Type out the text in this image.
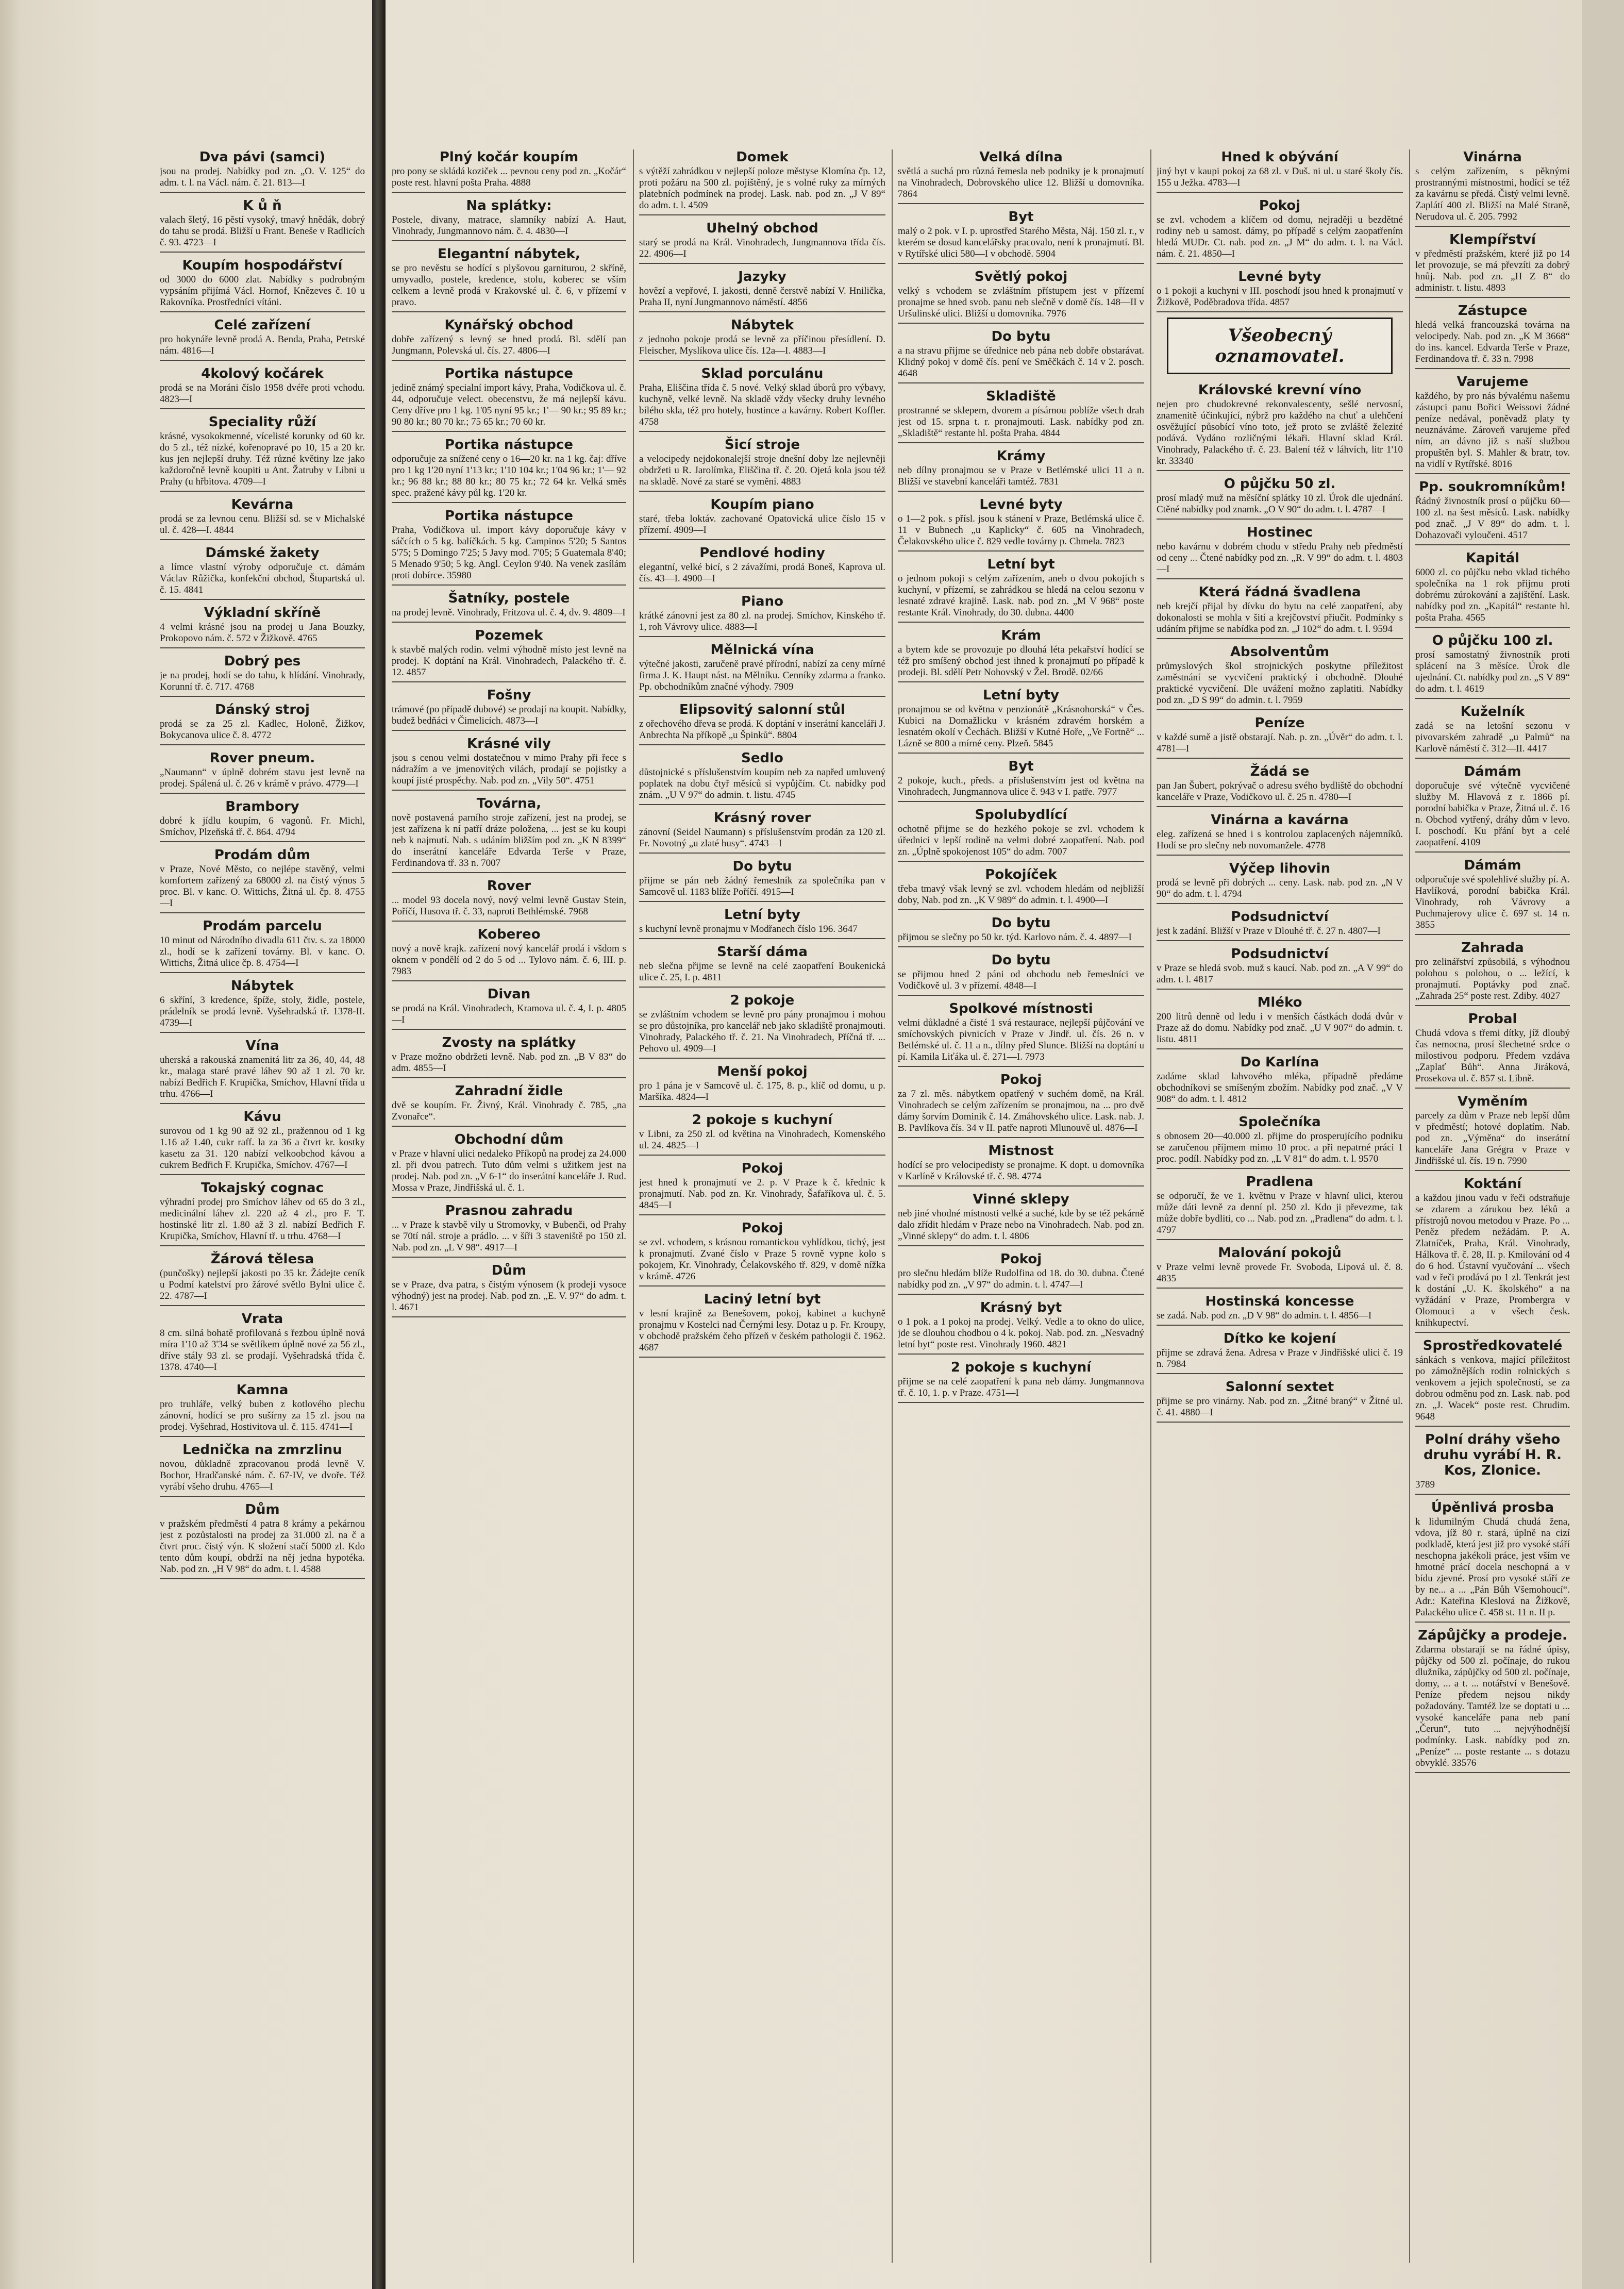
Dva pávi (samci)

jsou na prodej. Nabídky pod zn. „O. V. 125“ do adm. t. l. na Václ. nám. č. 21. 813—I

K ů ň

valach šletý, 16 pěstí vysoký, tmavý hnědák, dobrý do tahu se prodá. Bližší u Frant. Beneše v Radlicích č. 93. 4723—I

Koupím hospodářství

od 3000 do 6000 zlat. Nabídky s podrobným vypsáním přijímá Václ. Hornof, Knězeves č. 10 u Rakovníka. Prostředníci vítáni.

Celé zařízení

pro hokynáře levně prodá A. Benda, Praha, Petrské nám. 4816—I

4kolový kočárek

prodá se na Moráni číslo 1958 dvéře proti vchodu. 4823—I

Speciality růží

krásné, vysokokmenné, vícelisté korunky od 60 kr. do 5 zl., též nízké, kořenopravé po 10, 15 a 20 kr. kus jen nejlepší druhy. Též různé květiny lze jako každoročně levně koupiti u Ant. Žatruby v Libni u Prahy (u hřbitova. 4709—I

Kevárna

prodá se za levnou cenu. Bližší sd. se v Michalské ul. č. 428—I. 4844

Dámské žakety

a límce vlastní výroby odporučuje ct. dámám Václav Růžička, konfekční obchod, Štupartská ul. č. 15. 4841

Výkladní skříně

4 velmi krásné jsou na prodej u Jana Bouzky, Prokopovo nám. č. 572 v Žižkově. 4765

Dobrý pes

je na prodej, hodí se do tahu, k hlídání. Vinohrady, Korunní tř. č. 717. 4768

Dánský stroj

prodá se za 25 zl. Kadlec, Holoně, Žižkov, Bokycanova ulice č. 8. 4772

Rover pneum.

„Naumann“ v úplně dobrém stavu jest levně na prodej. Spálená ul. č. 26 v krámě v právo. 4779—I

Brambory

dobré k jídlu koupím, 6 vagonů. Fr. Michl, Smíchov, Plzeňská tř. č. 864. 4794

Prodám dům

v Praze, Nové Město, co nejlépe stavěný, velmi komfortem zařízený za 68000 zl. na čistý výnos 5 proc. Bl. v kanc. O. Wittichs, Žitná ul. čp. 8. 4755—I

Prodám parcelu

10 minut od Národního divadla 611 čtv. s. za 18000 zl., hodí se k zařízení továrny. Bl. v kanc. O. Wittichs, Žitná ulice čp. 8. 4754—I

Nábytek

6 skříní, 3 kredence, špíže, stoly, židle, postele, prádelník se prodá levně. Vyšehradská tř. 1378-II. 4739—I

Vína

uherská a rakouská znamenitá litr za 36, 40, 44, 48 kr., malaga staré pravé láhev 90 až 1 zl. 70 kr. nabízí Bedřich F. Krupička, Smíchov, Hlavní třída u trhu. 4766—I

Kávu

surovou od 1 kg 90 až 92 zl., pražennou od 1 kg 1.16 až 1.40, cukr raff. la za 36 a čtvrt kr. kostky kasetu za 31. 120 nabízí velkoobchod kávou a cukrem Bedřich F. Krupička, Smíchov. 4767—I

Tokajský cognac

výhradní prodej pro Smíchov láhev od 65 do 3 zl., medicinální láhev zl. 220 až 4 zl., pro F. T. hostinské litr zl. 1.80 až 3 zl. nabízí Bedřich F. Krupička, Smíchov, Hlavní tř. u trhu. 4768—I

Žárová tělesa

(punčošky) nejlepší jakosti po 35 kr. Žádejte ceník u Podmí katelství pro žárové světlo Bylni ulice č. 22. 4787—I

Vrata

8 cm. silná bohatě profilovaná s řezbou úplně nová míra 1'10 až 3'34 se světlíkem úplně nové za 56 zl., dříve stály 93 zl. se prodají. Vyšehradská třída č. 1378. 4740—I

Kamna

pro truhláře, velký buben z kotlového plechu zánovní, hodící se pro sušírny za 15 zl. jsou na prodej. Vyšehrad, Hostivitova ul. č. 115. 4741—I

Lednička na zmrzlinu

novou, důkladně zpracovanou prodá levně V. Bochor, Hradčanské nám. č. 67-IV, ve dvoře. Též vyrábí všeho druhu. 4765—I

Dům

v pražském předměstí 4 patra 8 krámy a pekárnou jest z pozůstalosti na prodej za 31.000 zl. na č a čtvrt proc. čistý výn. K složení stačí 5000 zl. Kdo tento dům koupí, obdrží na něj jedna hypotéka. Nab. pod zn. „H V 98“ do adm. t. l. 4588

Plný kočár koupím

pro pony se skládá koziček ... pevnou ceny pod zn. „Kočár“ poste rest. hlavní pošta Praha. 4888

Na splátky:

Postele, divany, matrace, slamníky nabízí A. Haut, Vinohrady, Jungmannovo nám. č. 4. 4830—I

Elegantní nábytek,

se pro nevěstu se hodící s plyšovou garniturou, 2 skříně, umyvadlo, postele, kredence, stolu, koberec se vším celkem a levně prodá v Krakovské ul. č. 6, v přízemí v pravo.

Kynářský obchod

dobře zařízený s levný se hned prodá. Bl. sdělí pan Jungmann, Polevská ul. čís. 27. 4806—I

Portika nástupce

jedině známý specialní import kávy, Praha, Vodičkova ul. č. 44, odporučuje velect. obecenstvu, že má nejlepší kávu. Ceny dříve pro 1 kg. 1'05 nyní 95 kr.; 1'— 90 kr.; 95 89 kr.; 90 80 kr.; 80 70 kr.; 75 65 kr.; 70 60 kr.

Portika nástupce

odporučuje za snížené ceny o 16—20 kr. na 1 kg. čaj: dříve pro 1 kg 1'20 nyní 1'13 kr.; 1'10 104 kr.; 1'04 96 kr.; 1'— 92 kr.; 96 88 kr.; 88 80 kr.; 80 75 kr.; 72 64 kr. Velká směs spec. pražené kávy půl kg. 1'20 kr.

Portika nástupce

Praha, Vodičkova ul. import kávy doporučuje kávy v sáčcích o 5 kg. balíčkách. 5 kg. Campinos 5'20; 5 Santos 5'75; 5 Domingo 7'25; 5 Javy mod. 7'05; 5 Guatemala 8'40; 5 Menado 9'50; 5 kg. Angl. Ceylon 9'40. Na venek zasílám proti dobírce. 35980

Šatníky, postele

na prodej levně. Vinohrady, Fritzova ul. č. 4, dv. 9. 4809—I

Pozemek

k stavbě malých rodin. velmi výhodně místo jest levně na prodej. K doptání na Král. Vinohradech, Palackého tř. č. 12. 4857

Fošny

trámové (po případě dubové) se prodají na koupit. Nabídky, budež bedňáci v Čimelicích. 4873—I

Krásné vily

jsou s cenou velmi dostatečnou v mimo Prahy při řece s nádražím a ve jmenovitých vilách, prodají se pojistky a koupí jisté prospěchy. Nab. pod zn. „Vily 50“. 4751

Továrna,

nově postavená parního stroje zařízení, jest na prodej, se jest zařízena k ní patří dráze položena, ... jest se ku koupi neb k najmutí. Nab. s udáním bližším pod zn. „K N 8399“ do inserátní kanceláře Edvarda Terše v Praze, Ferdinandova tř. 33 n. 7007

Rover

... model 93 docela nový, nový velmi levně Gustav Stein, Poříčí, Husova tř. č. 33, naproti Bethlémské. 7968

Kobereo

nový a nově krajk. zařízení nový kancelář prodá i všdom s oknem v pondělí od 2 do 5 od ... Tylovo nám. č. 6, III. p. 7983

Divan

se prodá na Král. Vinohradech, Kramova ul. č. 4, I. p. 4805—I

Zvosty na splátky

v Praze možno obdržeti levně. Nab. pod zn. „B V 83“ do adm. 4855—I

Zahradní židle

dvě se koupím. Fr. Živný, Král. Vinohrady č. 785, „na Zvonařce“.

Obchodní dům

v Praze v hlavní ulici nedaleko Příkopů na prodej za 24.000 zl. při dvou patrech. Tuto dům velmi s užitkem jest na prodej. Nab. pod zn. „V 6-1“ do inserátní kanceláře J. Rud. Mossa v Praze, Jindřišská ul. č. 1.

Prasnou zahradu

... v Praze k stavbě vily u Stromovky, v Bubenči, od Prahy se 70tí nál. stroje a prádlo. ... v šíři 3 staveniště po 150 zl. Nab. pod zn. „L V 98“. 4917—I

Dům

se v Praze, dva patra, s čistým výnosem (k prodeji vysoce výhodný) jest na prodej. Nab. pod zn. „E. V. 97“ do adm. t. l. 4671

Domek

s výtěží zahrádkou v nejlepší poloze městyse Klomína čp. 12, proti požáru na 500 zl. pojištěný, je s volné ruky za mírných platebních podmínek na prodej. Lask. nab. pod zn. „J V 89“ do adm. t. l. 4509

Uhelný obchod

starý se prodá na Král. Vinohradech, Jungmannova třída čís. 22. 4906—I

Jazyky

hovězí a vepřové, I. jakosti, denně čerstvě nabízí V. Hnilička, Praha II, nyní Jungmannovo náměstí. 4856

Nábytek

z jednoho pokoje prodá se levně za příčinou přesídlení. D. Fleischer, Myslíkova ulice čís. 12a—I. 4883—I

Sklad porculánu

Praha, Eliščina třída č. 5 nové. Velký sklad úborů pro výbavy, kuchyně, velké levně. Na skladě vždy všecky druhy levného bílého skla, též pro hotely, hostince a kavárny. Robert Koffler. 4758

Šicí stroje

a velocipedy nejdokonalejší stroje dnešní doby lze nejlevněji obdržeti u R. Jarolímka, Eliščina tř. č. 20. Ojetá kola jsou též na skladě. Nové za staré se vymění. 4883

Koupím piano

staré, třeba loktáv. zachované Opatovická ulice číslo 15 v přízemí. 4909—I

Pendlové hodiny

elegantní, velké bicí, s 2 závažími, prodá Boneš, Kaprova ul. čís. 43—I. 4900—I

Piano

krátké zánovní jest za 80 zl. na prodej. Smíchov, Kinského tř. 1, roh Vávrovy ulice. 4883—I

Mělnická vína

výtečné jakosti, zaručeně pravé přírodní, nabízí za ceny mírné firma J. K. Haupt nást. na Mělníku. Cenníky zdarma a franko. Pp. obchodníkům značné výhody. 7909

Elipsovitý salonní stůl

z ořechového dřeva se prodá. K doptání v inserátní kanceláři J. Anbrechta Na příkopě „u Špinků“. 8804

Sedlo

důstojnické s příslušenstvím koupím neb za napřed umluvený poplatek na dobu čtyř měsíců si vypůjčím. Ct. nabídky pod znám. „U V 97“ do admin. t. listu. 4745

Krásný rover

zánovní (Seidel Naumann) s příslušenstvím prodán za 120 zl. Fr. Novotný „u zlaté husy“. 4743—I

Do bytu

přijme se pán neb žádný řemeslník za společníka pan v Samcově ul. 1183 blíže Poříčí. 4915—I

Letní byty

s kuchyní levně pronajmu v Modřanech číslo 196. 3647

Starší dáma

neb slečna přijme se levně na celé zaopatření Boukenická ulice č. 25, I. p. 4811

2 pokoje

se zvláštním vchodem se levně pro pány pronajmou i mohou se pro důstojníka, pro kancelář neb jako skladiště pronajmouti. Vinohrady, Palackého tř. č. 21. Na Vinohradech, Příčná tř. ... Pehovo ul. 4909—I

Menší pokoj

pro 1 pána je v Samcově ul. č. 175, 8. p., klíč od domu, u p. Maršíka. 4824—I

2 pokoje s kuchyní

v Libni, za 250 zl. od květina na Vinohradech, Komenského ul. 24. 4825—I

Pokoj

jest hned k pronajmutí ve 2. p. V Praze k č. křednic k pronajmutí. Nab. pod zn. Kr. Vinohrady, Šafaříkova ul. č. 5. 4845—I

Pokoj

se zvl. vchodem, s krásnou romantickou vyhlídkou, tichý, jest k pronajmutí. Zvané číslo v Praze 5 rovně vypne kolo s pokojem, Kr. Vinohrady, Čelakovského tř. 829, v domě nížka v krámě. 4726

Laciný letní byt

v lesní krajině za Benešovem, pokoj, kabinet a kuchyně pronajmu v Kostelci nad Černými lesy. Dotaz u p. Fr. Kroupy, v obchodě pražském čeho přízeň v českém pathologii č. 1962. 4687

Velká dílna

světlá a suchá pro různá řemesla neb podniky je k pronajmutí na Vinohradech, Dobrovského ulice 12. Bližší u domovníka. 7864

Byt

malý o 2 pok. v I. p. uprostřed Starého Města, Náj. 150 zl. r., v kterém se dosud kancelářsky pracovalo, není k pronajmutí. Bl. v Rytířské ulici 580—I v obchodě. 5904

Světlý pokoj

velký s vchodem se zvláštním přístupem jest v přízemí pronajme se hned svob. panu neb slečně v domě čís. 148—II v Uršulinské ulici. Bližší u domovníka. 7976

Do bytu

a na stravu přijme se úřednice neb pána neb dobře obstarávat. Klidný pokoj v domě čís. pení ve Směčkách č. 14 v 2. posch. 4648

Skladiště

prostranné se sklepem, dvorem a písárnou poblíže všech drah jest od 15. srpna t. r. pronajmouti. Lask. nabídky pod zn. „Skladiště“ restante hl. pošta Praha. 4844

Krámy

neb dílny pronajmou se v Praze v Betlémské ulici 11 a n. Bližší ve stavební kanceláři tamtéž. 7831

Levné byty

o 1—2 pok. s přísl. jsou k stánení v Praze, Betlémská ulice č. 11 v Bubnech „u Kaplicky“ č. 605 na Vinohradech, Čelakovského ulice č. 829 vedle továrny p. Chmela. 7823

Letní byt

o jednom pokoji s celým zařízením, aneb o dvou pokojích s kuchyní, v přízemí, se zahrádkou se hledá na celou sezonu v lesnaté zdravé krajině. Lask. nab. pod zn. „M V 968“ poste restante Král. Vinohrady, do 30. dubna. 4400

Krám

a bytem kde se provozuje po dlouhá léta pekařství hodící se též pro smíšený obchod jest ihned k pronajmutí po případě k prodeji. Bl. sdělí Petr Nohovský v Žel. Brodě. 02/66

Letní byty

pronajmou se od května v penzionátě „Krásnohorská“ v Čes. Kubici na Domažlicku v krásném zdravém horském a lesnatém okolí v Čechách. Bližší v Kutné Hoře, „Ve Fortně“ ... Lázně se 800 a mírné ceny. Plzeň. 5845

Byt

2 pokoje, kuch., předs. a příslušenstvím jest od května na Vinohradech, Jungmannova ulice č. 943 v I. patře. 7977

Spolubydlící

ochotně přijme se do hezkého pokoje se zvl. vchodem k úřednici v lepší rodině na velmi dobré zaopatření. Nab. pod zn. „Úplně spokojenost 105“ do adm. 7007

Pokojíček

třeba tmavý však levný se zvl. vchodem hledám od nejbližší doby, Nab. pod zn. „K V 989“ do admin. t. l. 4900—I

Do bytu

přijmou se slečny po 50 kr. týd. Karlovo nám. č. 4. 4897—I

Do bytu

se přijmou hned 2 páni od obchodu neb řemeslníci ve Vodičkově ul. 3 v přízemí. 4848—I

Spolkové místnosti

velmi důkladné a čisté 1 svá restaurace, nejlepší půjčování ve smíchovských pivnicích v Praze v Jindř. ul. čís. 26 n. v Betlémské ul. č. 11 a n., dílny před Slunce. Bližší na doptání u pí. Kamila Liťáka ul. č. 271—I. 7973

Pokoj

za 7 zl. měs. nábytkem opatřený v suchém domě, na Král. Vinohradech se celým zařízením se pronajmou, na ... pro dvě dámy šorvím Dominik č. 14. Zmáhovského ulice. Lask. nab. J. B. Pavlíkova čís. 34 v II. patře naproti Mlunouvě ul. 4876—I

Mistnost

hodící se pro velocipedisty se pronajme. K dopt. u domovníka v Karlíně v Královské tř. č. 98. 4774

Vinné sklepy

neb jiné vhodné místnosti velké a suché, kde by se též pekárně dalo zřídit hledám v Praze nebo na Vinohradech. Nab. pod zn. „Vinné sklepy“ do adm. t. l. 4806

Pokoj

pro slečnu hledám blíže Rudolfina od 18. do 30. dubna. Čtené nabídky pod zn. „V 97“ do admin. t. l. 4747—I

Krásný byt

o 1 pok. a 1 pokoj na prodej. Velký. Vedle a to okno do ulice, jde se dlouhou chodbou o 4 k. pokoj. Nab. pod. zn. „Nesvadný letní byt“ poste rest. Vinohrady 1960. 4821

2 pokoje s kuchyní

přijme se na celé zaopatření k pana neb dámy. Jungmannova tř. č. 10, 1. p. v Praze. 4751—I

Hned k obývání

jiný byt v kaupi pokoj za 68 zl. v Duš. ni ul. u staré školy čís. 155 u Ježka. 4783—I

Pokoj

se zvl. vchodem a klíčem od domu, nejraději u bezdětné rodiny neb u samost. dámy, po případě s celým zaopatřením hledá MUDr. Ct. nab. pod zn. „J M“ do adm. t. l. na Václ. nám. č. 21. 4850—I

Levné byty

o 1 pokoji a kuchyni v III. poschodí jsou hned k pronajmutí v Žižkově, Poděbradova třída. 4857

Všeobecný oznamovatel.
Královské krevní víno

nejen pro chudokrevné rekonvalescenty, sešlé nervosní, znamenitě účinkující, nýbrž pro každého na chuť a ulehčení osvěžující působící víno toto, jež proto se zvláště železité podává. Vydáno rozličnými lékaři. Hlavní sklad Král. Vinohrady, Palackého tř. č. 23. Balení též v láhvích, litr 1'10 kr. 33340

O půjčku 50 zl.

prosí mladý muž na měsíční splátky 10 zl. Úrok dle ujednání. Ctěné nabídky pod znamk. „O V 90“ do adm. t. l. 4787—I

Hostinec

nebo kavárnu v dobrém chodu v středu Prahy neb předměstí od ceny ... Čtené nabídky pod zn. „R. V 99“ do adm. t. l. 4803—I

Která řádná švadlena

neb krejčí přijal by dívku do bytu na celé zaopatření, aby dokonalosti se mohla v šití a krejčovství přiučit. Podmínky s udáním přijme se nabídka pod zn. „J 102“ do adm. t. l. 9594

Absolventům

průmyslových škol strojnických poskytne příležitost zaměstnání se vycvičení praktický i obchodně. Dlouhé praktické vycvičení. Dle uvážení možno zaplatiti. Nabídky pod zn. „D S 99“ do admin. t. l. 7959

Peníze

v každé sumě a jistě obstarají. Nab. p. zn. „Úvěr“ do adm. t. l. 4781—I

Žádá se

pan Jan Šubert, pokrývač o adresu svého bydliště do obchodní kanceláře v Praze, Vodičkovo ul. č. 25 n. 4780—I

Vinárna a kavárna

eleg. zařízená se hned i s kontrolou zaplacených nájemníků. Hodí se pro slečny neb novomanžele. 4778

Výčep lihovin

prodá se levně při dobrých ... ceny. Lask. nab. pod zn. „N V 90“ do adm. t. l. 4794

Podsudnictví

jest k zadání. Bližší v Praze v Dlouhé tř. č. 27 n. 4807—I

Podsudnictví

v Praze se hledá svob. muž s kaucí. Nab. pod zn. „A V 99“ do adm. t. l. 4817

Mléko

200 litrů denně od ledu i v menších částkách dodá dvůr v Praze až do domu. Nabídky pod znač. „U V 907“ do admin. t. listu. 4811

Do Karlína

zadáme sklad lahvového mléka, případně předáme obchodníkovi se smíšeným zbožím. Nabídky pod znač. „V V 908“ do adm. t. l. 4812

Společníka

s obnosem 20—40.000 zl. přijme do prosperujícího podniku se zaručenou příjmem mimo 10 proc. a při nepatrné práci 1 proc. podíl. Nabídky pod zn. „L V 81“ do adm. t. l. 9570

Pradlena

se odporučí, že ve 1. květnu v Praze v hlavní ulici, kterou může dáti levně za denní pl. 250 zl. Kdo ji převezme, tak může dobře bydliti, co ... Nab. pod zn. „Pradlena“ do adm. t. l. 4797

Malování pokojů

v Praze velmi levně provede Fr. Svoboda, Lipová ul. č. 8. 4835

Hostinská koncesse

se zadá. Nab. pod zn. „D V 98“ do admin. t. l. 4856—I

Dítko ke kojení

přijme se zdravá žena. Adresa v Praze v Jindřišské ulici č. 19 n. 7984

Salonní sextet

přijme se pro vinárny. Nab. pod zn. „Žitné braný“ v Žitné ul. č. 41. 4880—I

Vinárna

s celým zařízením, s pěknými prostrannými místnostmi, hodící se též za kavárnu se předá. Čistý velmi levně. Zaplátí 400 zl. Bližší na Malé Straně, Nerudova ul. č. 205. 7992

Klempířství

v předměstí pražském, které již po 14 let provozuje, se má převzíti za dobrý hnůj. Nab. pod zn. „H Z 8“ do administr. t. listu. 4893

Zástupce

hledá velká francouzská továrna na velocipedy. Nab. pod zn. „K M 3668“ do ins. kancel. Edvarda Terše v Praze, Ferdinandova tř. č. 33 n. 7998

Varujeme

každého, by pro nás bývalému našemu zástupci panu Bořici Weissovi žádné peníze nedával, poněvadž platy ty neuznáváme. Zároveň varujeme před ním, an dávno již s naší službou propuštěn byl. S. Mahler & bratr, tov. na vidlí v Rytířské. 8016

Pp. soukromníkům!

Řádný živnostník prosí o půjčku 60—100 zl. na šest měsíců. Lask. nabídky pod znač. „J V 89“ do adm. t. l. Dohazovači vyloučeni. 4517

Kapitál

6000 zl. co půjčku nebo vklad tichého společníka na 1 rok přijmu proti dobrému zúrokování a zajištění. Lask. nabídky pod zn. „Kapitál“ restante hl. pošta Praha. 4565

O půjčku 100 zl.

prosí samostatný živnostník proti splácení na 3 měsíce. Úrok dle ujednání. Ct. nabídky pod zn. „S V 89“ do adm. t. l. 4619

Kuželník

zadá se na letošní sezonu v pivovarském zahradě „u Palmů“ na Karlově náměstí č. 312—II. 4417

Dámám

doporučuje své výtečně vycvičené služby M. Hlavová z r. 1866 pí. porodní babička v Praze, Žitná ul. č. 16 n. Obchod vytřený, dráhy dům v levo. I. poschodí. Ku přání byt a celé zaopatření. 4109

Dámám

odporučuje své spolehlivé služby pí. A. Havlíková, porodní babička Král. Vinohrady, roh Vávrovy a Puchmajerovy ulice č. 697 st. 14 n. 3855

Zahrada

pro zelinářství způsobilá, s výhodnou polohou s polohou, o ... ležící, k pronajmutí. Poptávky pod znač. „Zahrada 25“ poste rest. Zdiby. 4027

Probal

Chudá vdova s třemi dítky, jíž dloubý čas nemocna, prosí šlechetné srdce o milostivou podporu. Předem vzdáva „Zaplať Bůh“. Anna Jiráková, Prosekova ul. č. 857 st. Libně.

Vyměním

parcely za dům v Praze neb lepší dům v předměstí; hotové doplatím. Nab. pod zn. „Výměna“ do inserátní kanceláře Jana Grégra v Praze v Jindřišské ul. čís. 19 n. 7990

Koktání

a každou jinou vadu v řeči odstraňuje se zdarem a zárukou bez léků a přístrojů novou metodou v Praze. Po ... Peněz předem nežádám. P. A. Zlatníček, Praha, Král. Vinohrady, Hálkova tř. č. 28, II. p. Kmilování od 4 do 6 hod. Ústavní vyučování ... všech vad v řeči prodává po 1 zl. Tenkrát jest k dostání „U. K. školského“ a na vyžádání v Praze, Prombergra v Olomouci a v všech česk. knihkupectví.

Sprostředkovatelé

sánkách s venkova, mající příležitost po zámožnějších rodin rolnických s venkovem a jejich společností, se za dobrou odměnu pod zn. Lask. nab. pod zn. „J. Wacek“ poste rest. Chrudim. 9648

Polní dráhy všeho druhu vyrábí H. R. Kos, Zlonice.

3789

Úpěnlivá prosba

k lidumilným Chudá chudá žena, vdova, jíž 80 r. stará, úplně na cizí podkladě, která jest již pro vysoké stáří neschopna jakékoli práce, jest vším ve hmotné prácí docela neschopná a v bídu zjevné. Prosí pro vysoké stáří ze by ne... a ... „Pán Bůh Všemohoucí“. Adr.: Kateřina Kleslová na Žižkově, Palackého ulice č. 458 st. 11 n. II p.

Zápůjčky a prodeje.

Zdarma obstarají se na řádné úpisy, půjčky od 500 zl. počínaje, do rukou dlužníka, zápůjčky od 500 zl. počínaje, domy, ... a t. ... notářství v Benešově. Peníze předem nejsou nikdy požadovány. Tamtéž lze se doptati u ... vysoké kanceláře pana neb paní „Čerun“, tuto ... nejvýhodnější podmínky. Lask. nabídky pod zn. „Peníze“ ... poste restante ... s dotazu obvyklé. 33576
